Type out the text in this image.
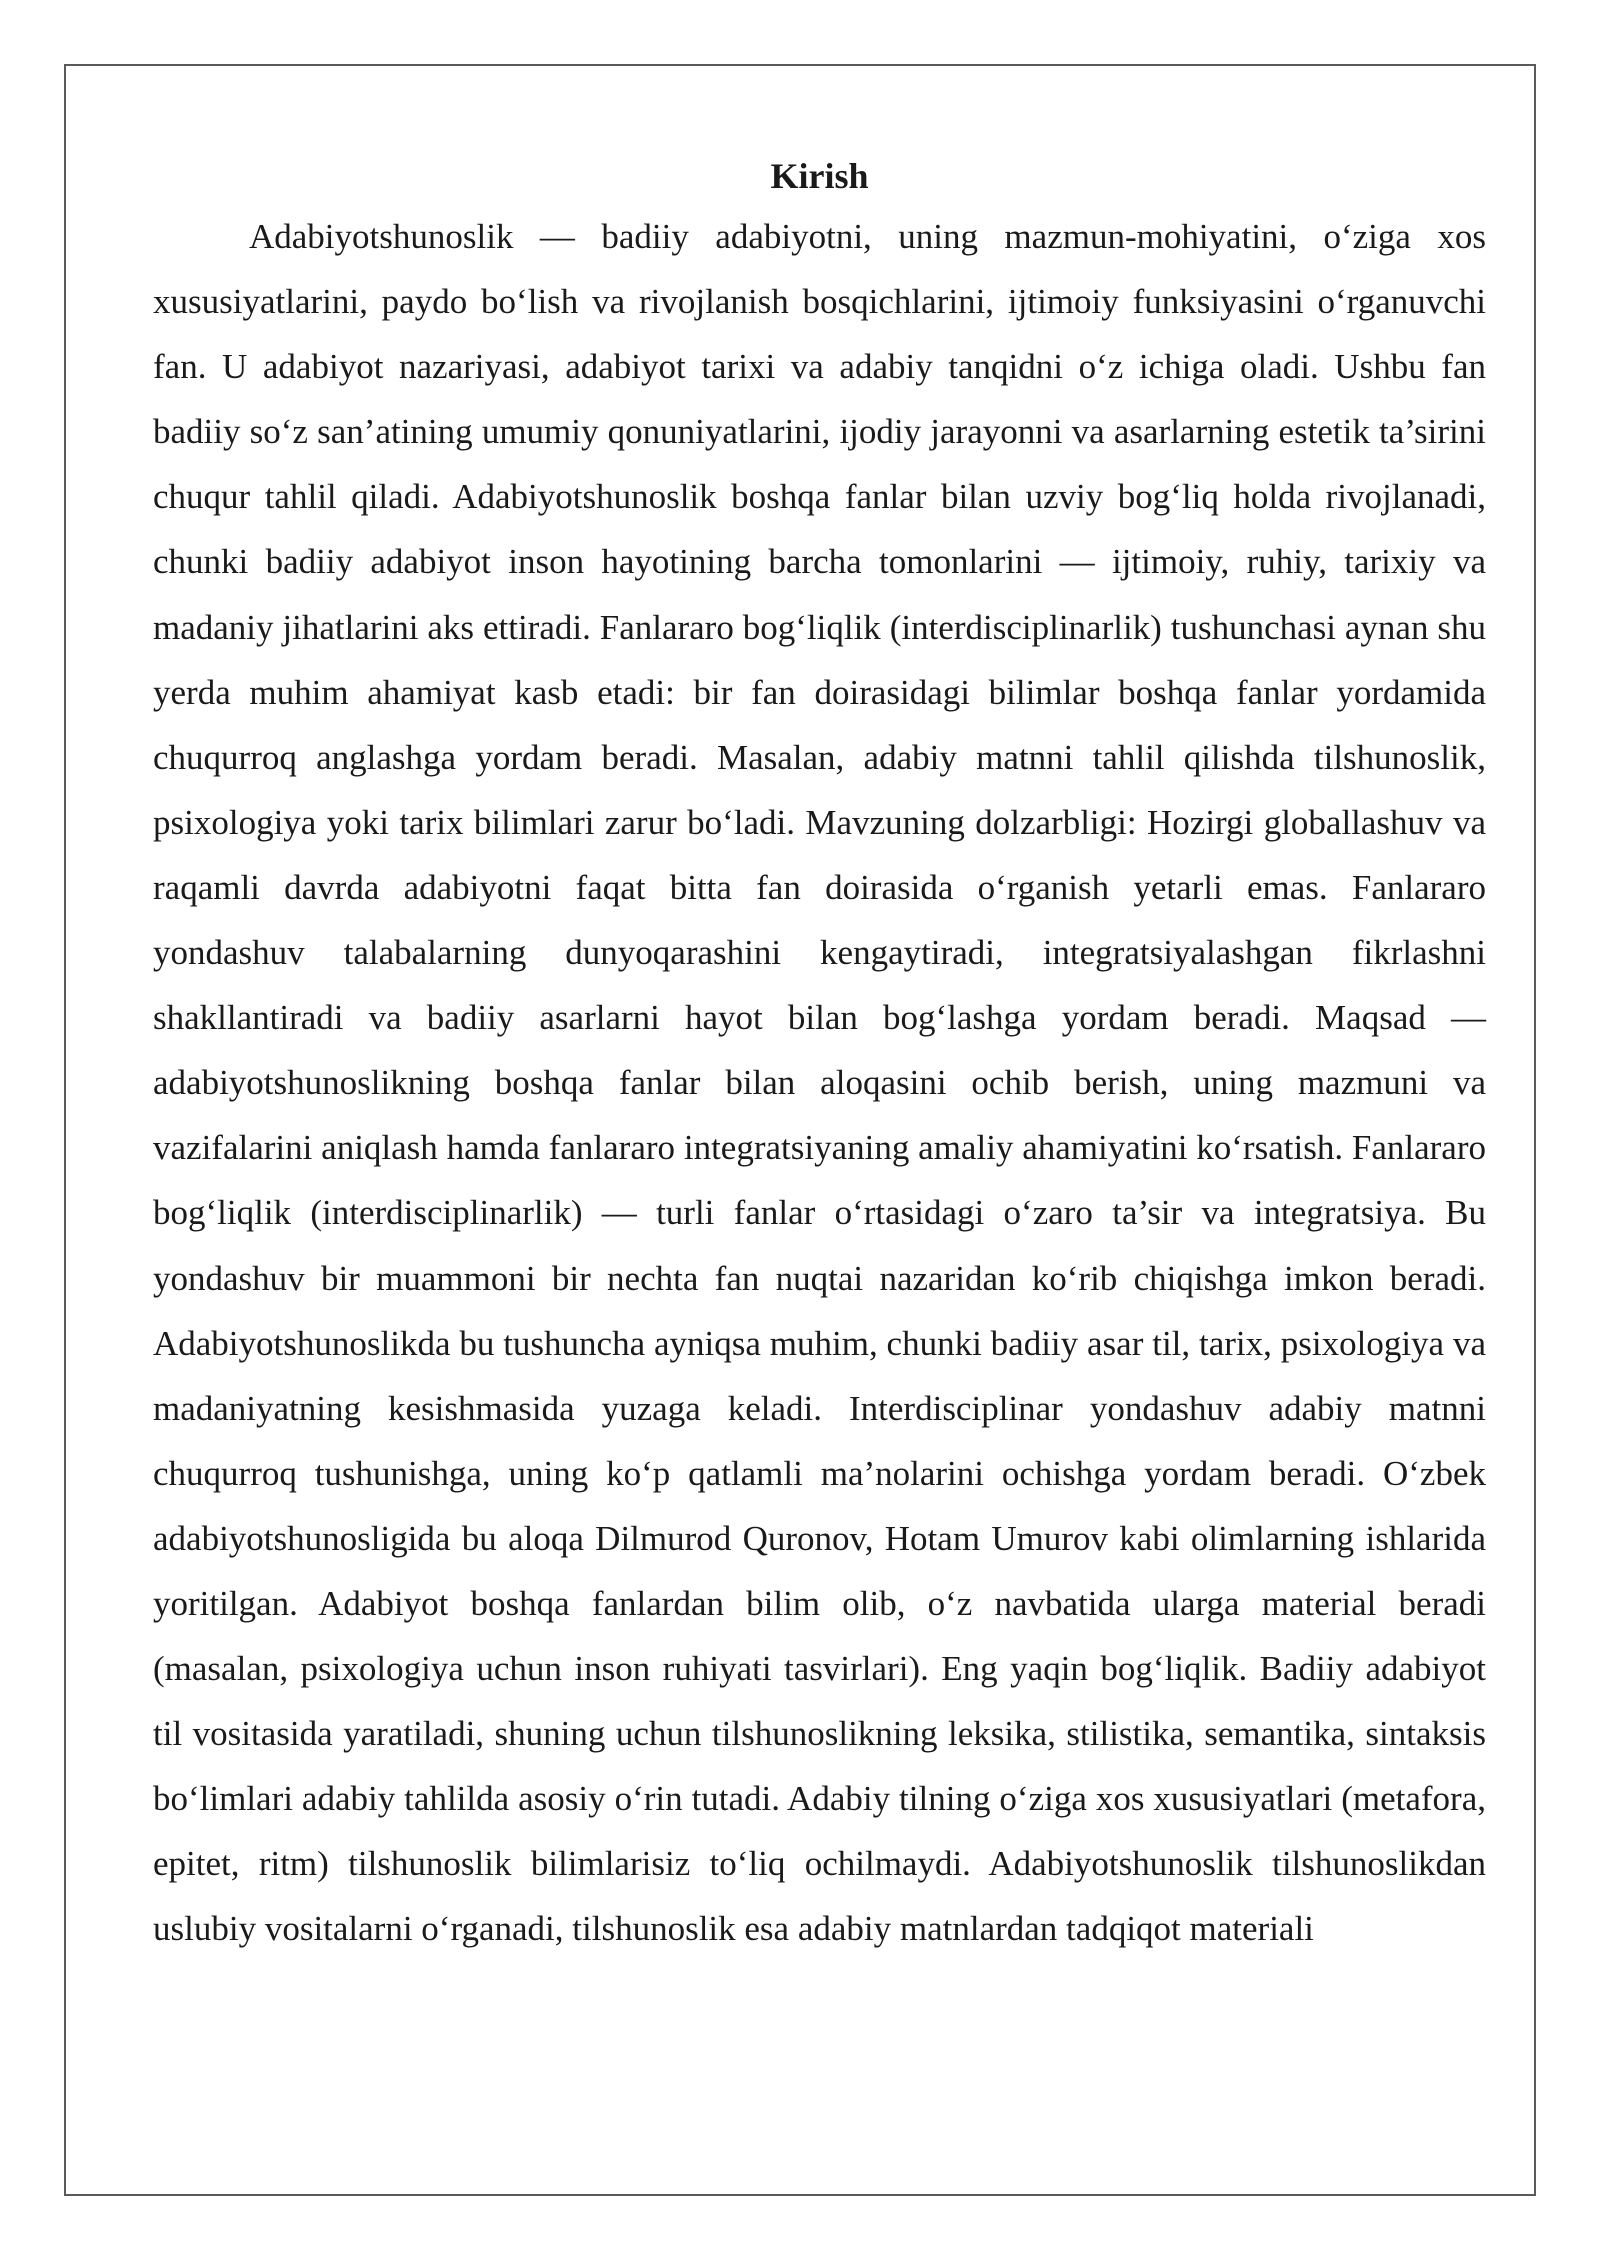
Kirish

Adabiyotshunoslik — badiiy adabiyotni, uning mazmun-mohiyatini, o‘ziga xos xususiyatlarini, paydo bo‘lish va rivojlanish bosqichlarini, ijtimoiy funksiyasini o‘rganuvchi fan. U adabiyot nazariyasi, adabiyot tarixi va adabiy tanqidni o‘z ichiga oladi. Ushbu fan badiiy so‘z san’atining umumiy qonuniyatlarini, ijodiy jarayonni va asarlarning estetik ta’sirini chuqur tahlil qiladi. Adabiyotshunoslik boshqa fanlar bilan uzviy bog‘liq holda rivojlanadi, chunki badiiy adabiyot inson hayotining barcha tomonlarini — ijtimoiy, ruhiy, tarixiy va madaniy jihatlarini aks ettiradi. Fanlararo bog‘liqlik (interdisciplinarlik) tushunchasi aynan shu yerda muhim ahamiyat kasb etadi: bir fan doirasidagi bilimlar boshqa fanlar yordamida chuqurroq anglashga yordam beradi. Masalan, adabiy matnni tahlil qilishda tilshunoslik, psixologiya yoki tarix bilimlari zarur bo‘ladi. Mavzuning dolzarbligi: Hozirgi globallashuv va raqamli davrda adabiyotni faqat bitta fan doirasida o‘rganish yetarli emas. Fanlararo yondashuv talabalarning dunyoqarashini kengaytiradi, integratsiyalashgan fikrlashni shakllantiradi va badiiy asarlarni hayot bilan bog‘lashga yordam beradi. Maqsad — adabiyotshunoslikning boshqa fanlar bilan aloqasini ochib berish, uning mazmuni va vazifalarini aniqlash hamda fanlararo integratsiyaning amaliy ahamiyatini ko‘rsatish. Fanlararo bog‘liqlik (interdisciplinarlik) — turli fanlar o‘rtasidagi o‘zaro ta’sir va integratsiya. Bu yondashuv bir muammoni bir nechta fan nuqtai nazaridan ko‘rib chiqishga imkon beradi. Adabiyotshunoslikda bu tushuncha ayniqsa muhim, chunki badiiy asar til, tarix, psixologiya va madaniyatning kesishmasida yuzaga keladi. Interdisciplinar yondashuv adabiy matnni chuqurroq tushunishga, uning ko‘p qatlamli ma’nolarini ochishga yordam beradi. O‘zbek adabiyotshunosligida bu aloqa Dilmurod Quronov, Hotam Umurov kabi olimlarning ishlarida yoritilgan. Adabiyot boshqa fanlardan bilim olib, o‘z navbatida ularga material beradi (masalan, psixologiya uchun inson ruhiyati tasvirlari). Eng yaqin bog‘liqlik. Badiiy adabiyot til vositasida yaratiladi, shuning uchun tilshunoslikning leksika, stilistika, semantika, sintaksis bo‘limlari adabiy tahlilda asosiy o‘rin tutadi. Adabiy tilning o‘ziga xos xususiyatlari (metafora, epitet, ritm) tilshunoslik bilimlarisiz to‘liq ochilmaydi. Adabiyotshunoslik tilshunoslikdan uslubiy vositalarni o‘rganadi, tilshunoslik esa adabiy matnlardan tadqiqot materiali
